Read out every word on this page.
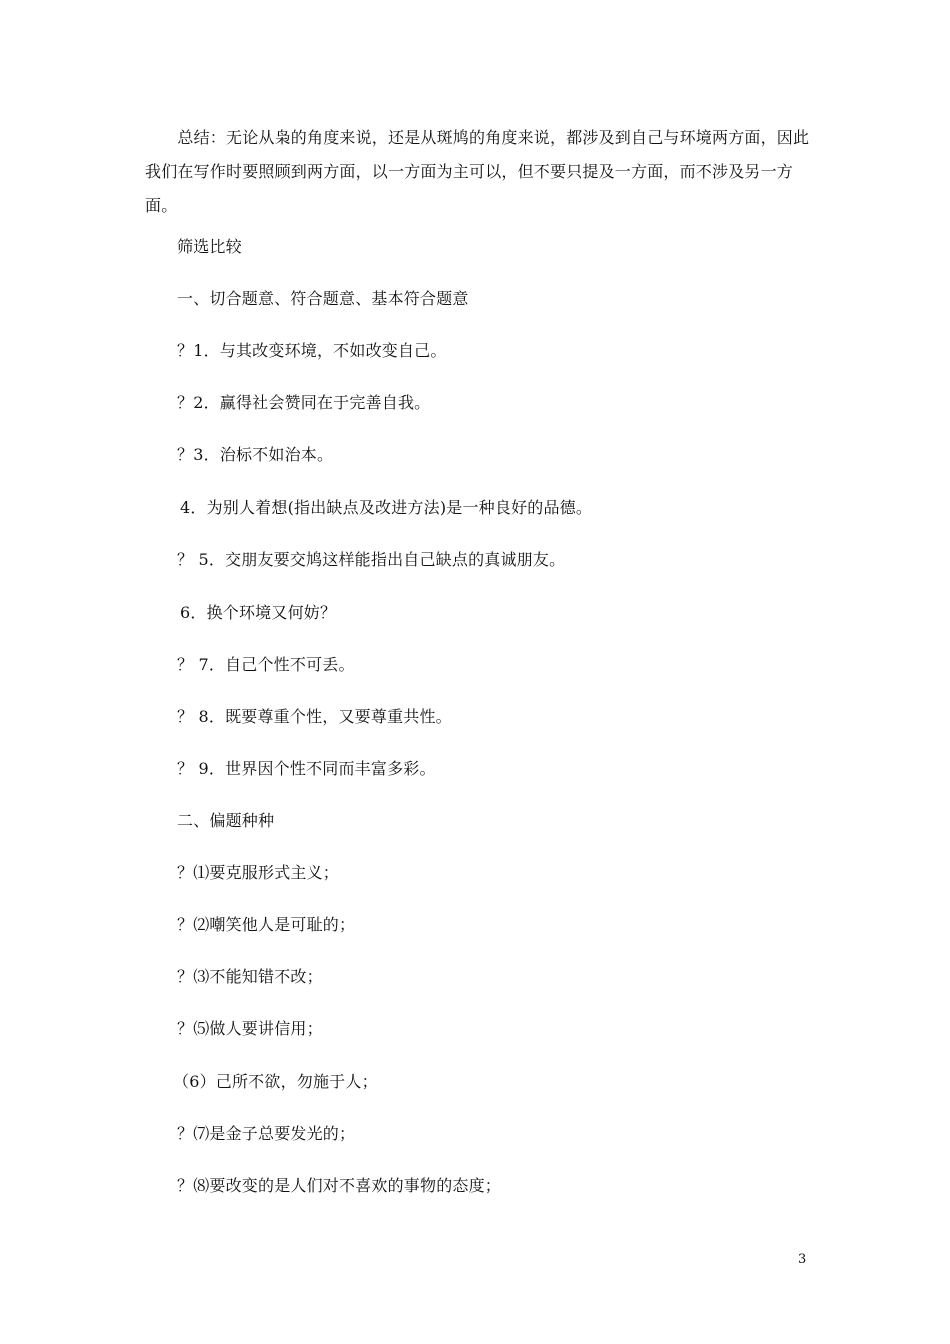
　　总结：无论从枭的角度来说，还是从斑鸠的角度来说，都涉及到自己与环境两方面，因此我们在写作时要照顾到两方面，以一方面为主可以，但不要只提及一方面，而不涉及另一方面。

筛选比较

一、切合题意、符合题意、基本符合题意

？1．与其改变环境，不如改变自己。

？2．赢得社会赞同在于完善自我。

？3．治标不如治本。

4．为别人着想(指出缺点及改进方法)是一种良好的品德。

？ 5．交朋友要交鸠这样能指出自己缺点的真诚朋友。

6．换个环境又何妨？

？ 7．自己个性不可丢。

？ 8．既要尊重个性，又要尊重共性。

？ 9．世界因个性不同而丰富多彩。

二、偏题种种

？⑴要克服形式主义；

？⑵嘲笑他人是可耻的；

？⑶不能知错不改；

？⑸做人要讲信用；

（6）己所不欲，勿施于人；

？⑺是金子总要发光的；

？⑻要改变的是人们对不喜欢的事物的态度；

3
